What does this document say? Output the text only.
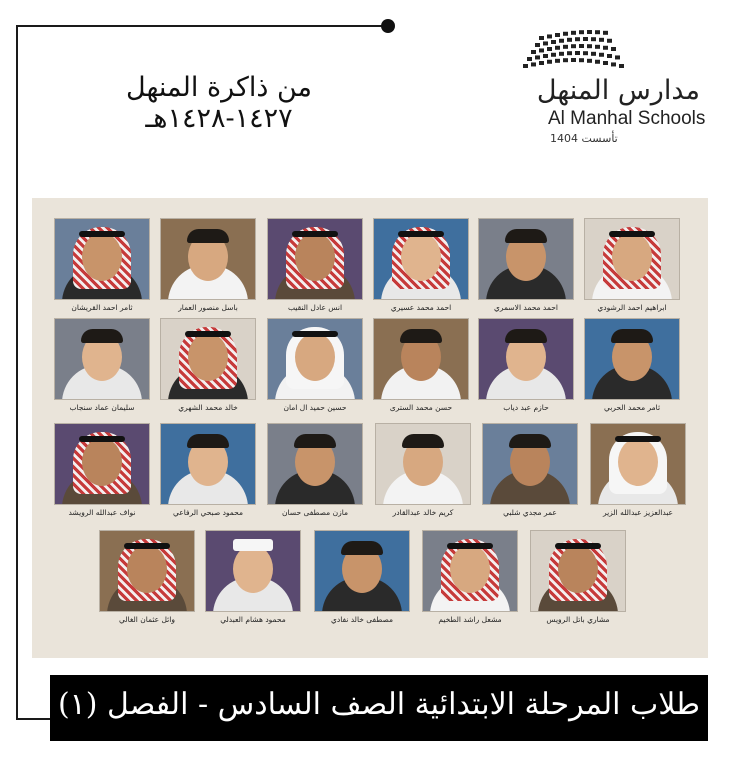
من ذاكرة المنهل ١٤٢٧-١٤٢٨هـ
مدارس المنهل
Al Manhal Schools
تأسست 1404
ابراهيم احمد الرشودي
احمد محمد الاسمري
احمد محمد عسيري
انس عادل النقيب
باسل منصور العمار
ثامر احمد القريشان
ثامر محمد الحربي
حازم عبد دياب
حسن محمد السترى
حسين حميد ال امان
خالد محمد الشهري
سليمان عماد سنجاب
عبدالعزيز عبدالله الزير
عمر مجدي شلبي
كريم خالد عبدالقادر
مازن مصطفى حسان
محمود صبحي الرفاعي
نواف عبدالله الرويشد
مشاري باتل الرويس
مشعل راشد الطخيم
مصطفى خالد نفادي
محمود هشام العبدلي
وائل عثمان الغالي
طلاب المرحلة الابتدائية الصف السادس - الفصل (١)
